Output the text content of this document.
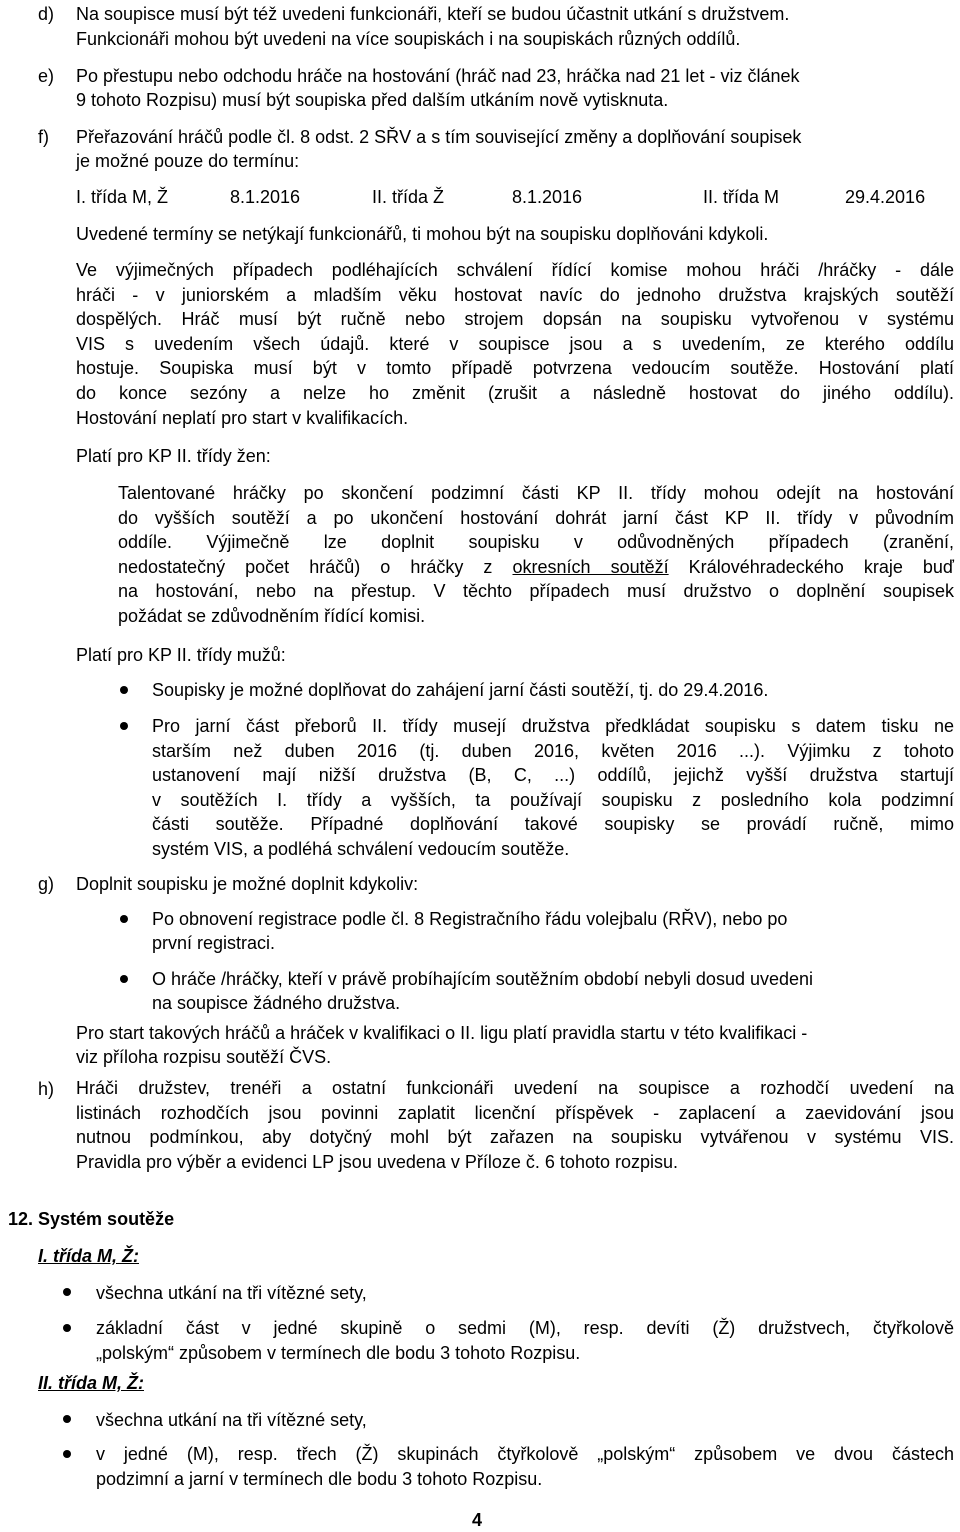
d) Na soupisce musí být též uvedeni funkcionáři, kteří se budou účastnit utkání s družstvem.
Funkcionáři mohou být uvedeni na více soupiskách i na soupiskách různých oddílů.
e) Po přestupu nebo odchodu hráče na hostování (hráč nad 23, hráčka nad 21 let - viz článek
9 tohoto Rozpisu) musí být soupiska před dalším utkáním nově vytisknuta.
f) Přeřazování hráčů podle čl. 8 odst. 2 SŘV a s tím související změny a doplňování soupisek
je možné pouze do termínu:
I. třída M, Ž	8.1.2016	II. třída Ž	8.1.2016	II. třída M	29.4.2016
Uvedené termíny se netýkají funkcionářů, ti mohou být na soupisku doplňováni kdykoli.
Ve výjimečných případech podléhajících schválení řídící komise mohou hráči /hráčky - dále
hráči - v juniorském a mladším věku hostovat navíc do jednoho družstva krajských soutěží
dospělých. Hráč musí být ručně nebo strojem dopsán na soupisku vytvořenou v systému
VIS s uvedením všech údajů. které v soupisce jsou a s uvedením, ze kterého oddílu
hostuje. Soupiska musí být v tomto případě potvrzena vedoucím soutěže. Hostování platí
do konce sezóny a nelze ho změnit (zrušit a následně hostovat do jiného oddílu).
Hostování neplatí pro start v kvalifikacích.
Platí pro KP II. třídy žen:
Talentované hráčky po skončení podzimní části KP II. třídy mohou odejít na hostování
do vyšších soutěží a po ukončení hostování dohrát jarní část KP II. třídy v původním
oddíle. Výjimečně lze doplnit soupisku v odůvodněných případech (zranění,
nedostatečný počet hráčů) o hráčky z okresních soutěží Královéhradeckého kraje buď
na hostování, nebo na přestup. V těchto případech musí družstvo o doplnění soupisek
požádat se zdůvodněním řídící komisi.
Platí pro KP II. třídy mužů:
Soupisky je možné doplňovat do zahájení jarní části soutěží, tj. do 29.4.2016.
Pro jarní část přeborů II. třídy musejí družstva předkládat soupisku s datem tisku ne
starším než duben 2016 (tj. duben 2016, květen 2016 ...). Výjimku z tohoto
ustanovení mají nižší družstva (B, C, ...) oddílů, jejichž vyšší družstva startují
v soutěžích I. třídy a vyšších, ta používají soupisku z posledního kola podzimní
části soutěže. Případné doplňování takové soupisky se provádí ručně, mimo
systém VIS, a podléhá schválení vedoucím soutěže.
g) Doplnit soupisku je možné doplnit kdykoliv:
Po obnovení registrace podle čl. 8 Registračního řádu volejbalu (RŘV), nebo po
první registraci.
O hráče /hráčky, kteří v právě probíhajícím soutěžním období nebyli dosud uvedeni
na soupisce žádného družstva.
Pro start takových hráčů a hráček v kvalifikaci o II. ligu platí pravidla startu v této kvalifikaci -
viz příloha rozpisu soutěží ČVS.
h) Hráči družstev, trenéři a ostatní funkcionáři uvedení na soupisce a rozhodčí uvedení na
listinách rozhodčích jsou povinni zaplatit licenční příspěvek - zaplacení a zaevidování jsou
nutnou podmínkou, aby dotyčný mohl být zařazen na soupisku vytvářenou v systému VIS.
Pravidla pro výběr a evidenci LP jsou uvedena v Příloze č. 6 tohoto rozpisu.
12. Systém soutěže
I. třída M, Ž:
všechna utkání na tři vítězné sety,
základní část v jedné skupině o sedmi (M), resp. devíti (Ž) družstvech, čtyřkolově
„polským“ způsobem v termínech dle bodu 3 tohoto Rozpisu.
II. třída M, Ž:
všechna utkání na tři vítězné sety,
v jedné (M), resp. třech (Ž) skupinách čtyřkolově „polským“ způsobem ve dvou částech
podzimní a jarní v termínech dle bodu 3 tohoto Rozpisu.
4
